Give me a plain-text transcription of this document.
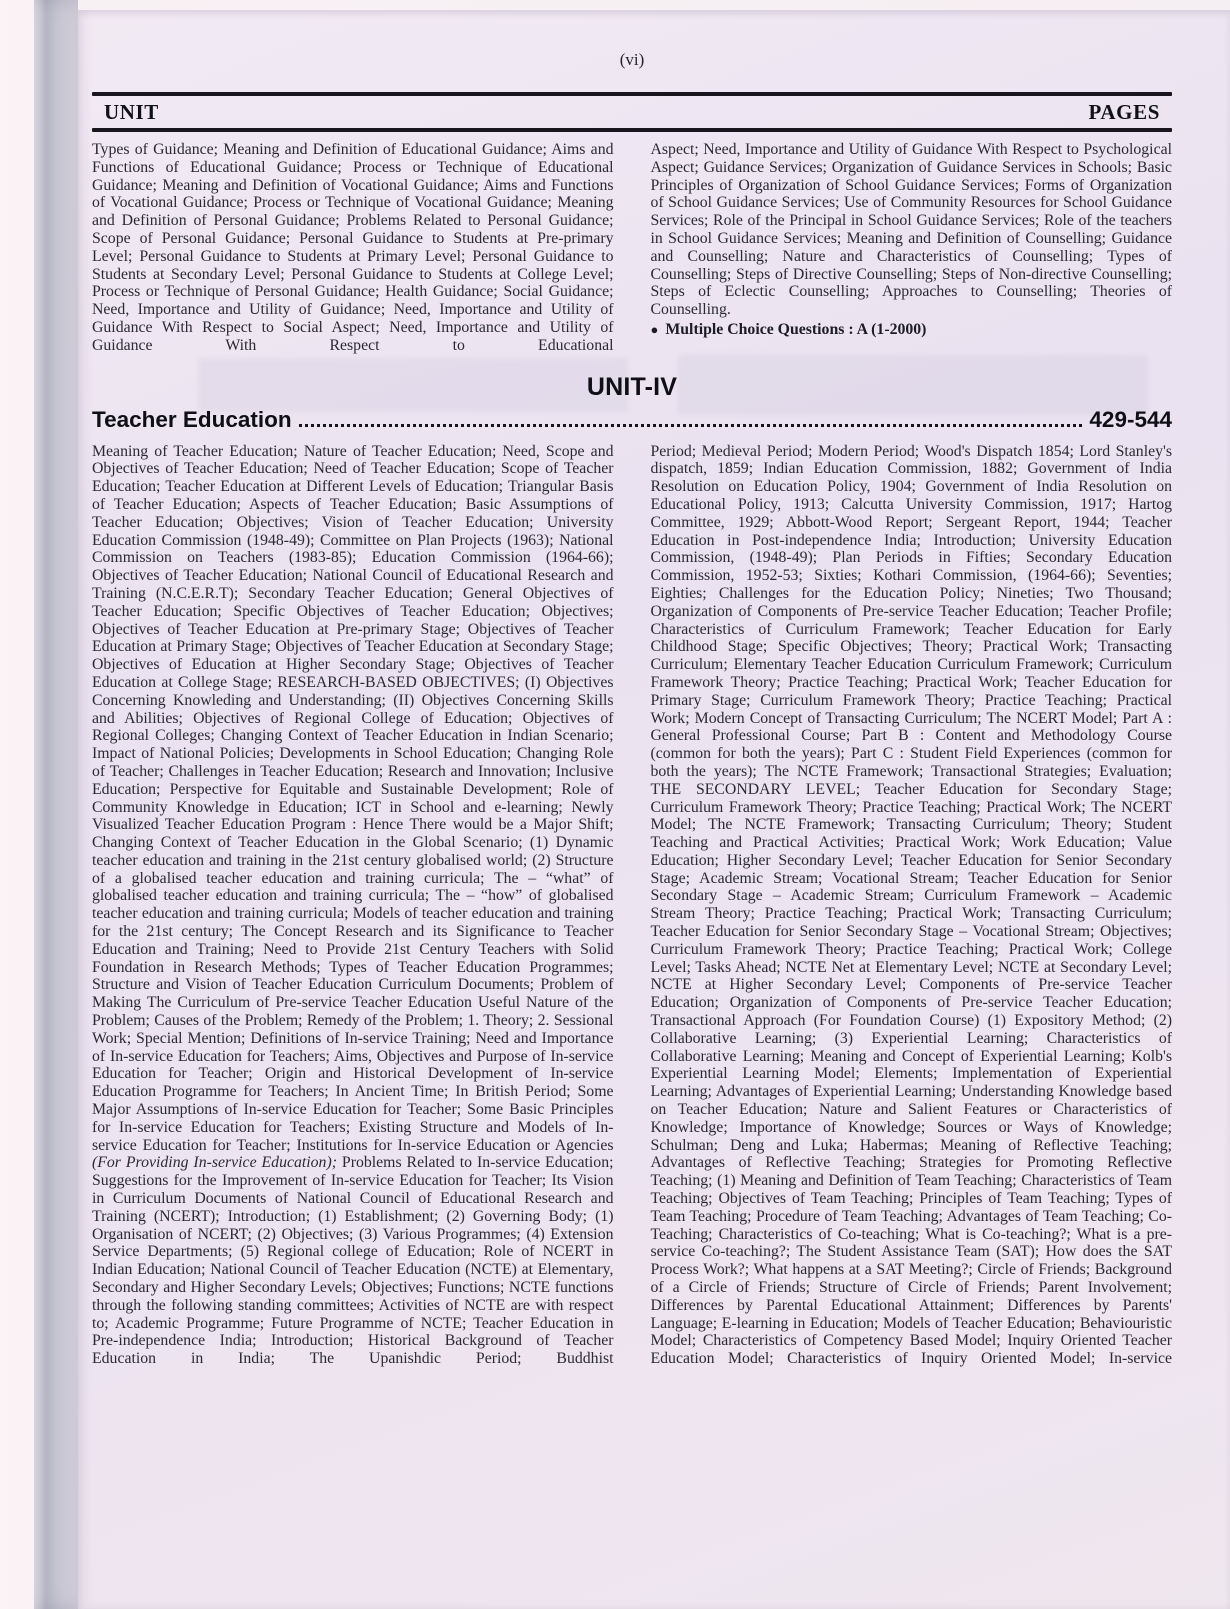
(vi)
UNIT	PAGES

Types of Guidance; Meaning and Definition of Educational Guidance; Aims and Functions of Educational Guidance; Process or Technique of Educational Guidance; Meaning and Definition of Vocational Guidance; Aims and Functions of Vocational Guidance; Process or Technique of Vocational Guidance; Meaning and Definition of Personal Guidance; Problems Related to Personal Guidance; Scope of Personal Guidance; Personal Guidance to Students at Pre-primary Level; Personal Guidance to Students at Primary Level; Personal Guidance to Students at Secondary Level; Personal Guidance to Students at College Level; Process or Technique of Personal Guidance; Health Guidance; Social Guidance; Need, Importance and Utility of Guidance; Need, Importance and Utility of Guidance With Respect to Social Aspect; Need, Importance and Utility of Guidance With Respect to Educational

Aspect; Need, Importance and Utility of Guidance With Respect to Psychological Aspect; Guidance Services; Organization of Guidance Services in Schools; Basic Principles of Organization of School Guidance Services; Forms of Organization of School Guidance Services; Use of Community Resources for School Guidance Services; Role of the Principal in School Guidance Services; Role of the teachers in School Guidance Services; Meaning and Definition of Counselling; Guidance and Counselling; Nature and Characteristics of Counselling; Types of Counselling; Steps of Directive Counselling; Steps of Non-directive Counselling; Steps of Eclectic Counselling; Approaches to Counselling; Theories of Counselling.

● Multiple Choice Questions : A (1-2000)
UNIT-IV
Teacher Education	429-544

Meaning of Teacher Education; Nature of Teacher Education; Need, Scope and Objectives of Teacher Education; Need of Teacher Education; Scope of Teacher Education; Teacher Education at Different Levels of Education; Triangular Basis of Teacher Education; Aspects of Teacher Education; Basic Assumptions of Teacher Education; Objectives; Vision of Teacher Education; University Education Commission (1948-49); Committee on Plan Projects (1963); National Commission on Teachers (1983-85); Education Commission (1964-66); Objectives of Teacher Education; National Council of Educational Research and Training (N.C.E.R.T); Secondary Teacher Education; General Objectives of Teacher Education; Specific Objectives of Teacher Education; Objectives; Objectives of Teacher Education at Pre-primary Stage; Objectives of Teacher Education at Primary Stage; Objectives of Teacher Education at Secondary Stage; Objectives of Education at Higher Secondary Stage; Objectives of Teacher Education at College Stage; RESEARCH-BASED OBJECTIVES; (I) Objectives Concerning Knowleding and Understanding; (II) Objectives Concerning Skills and Abilities; Objectives of Regional College of Education; Objectives of Regional Colleges; Changing Context of Teacher Education in Indian Scenario; Impact of National Policies; Developments in School Education; Changing Role of Teacher; Challenges in Teacher Education; Research and Innovation; Inclusive Education; Perspective for Equitable and Sustainable Development; Role of Community Knowledge in Education; ICT in School and e-learning; Newly Visualized Teacher Education Program : Hence There would be a Major Shift; Changing Context of Teacher Education in the Global Scenario; (1) Dynamic teacher education and training in the 21st century globalised world; (2) Structure of a globalised teacher education and training curricula; The – “what” of globalised teacher education and training curricula; The – “how” of globalised teacher education and training curricula; Models of teacher education and training for the 21st century; The Concept Research and its Significance to Teacher Education and Training; Need to Provide 21st Century Teachers with Solid Foundation in Research Methods; Types of Teacher Education Programmes; Structure and Vision of Teacher Education Curriculum Documents; Problem of Making The Curriculum of Pre-service Teacher Education Useful Nature of the Problem; Causes of the Problem; Remedy of the Problem; 1. Theory; 2. Sessional Work; Special Mention; Definitions of In-service Training; Need and Importance of In-service Education for Teachers; Aims, Objectives and Purpose of In-service Education for Teacher; Origin and Historical Development of In-service Education Programme for Teachers; In Ancient Time; In British Period; Some Major Assumptions of In-service Education for Teacher; Some Basic Principles for In-service Education for Teachers; Existing Structure and Models of In-service Education for Teacher; Institutions for In-service Education or Agencies (For Providing In-service Education); Problems Related to In-service Education; Suggestions for the Improvement of In-service Education for Teacher; Its Vision in Curriculum Documents of National Council of Educational Research and Training (NCERT); Introduction; (1) Establishment; (2) Governing Body; (1) Organisation of NCERT; (2) Objectives; (3) Various Programmes; (4) Extension Service Departments; (5) Regional college of Education; Role of NCERT in Indian Education; National Council of Teacher Education (NCTE) at Elementary, Secondary and Higher Secondary Levels; Objectives; Functions; NCTE functions through the following standing committees; Activities of NCTE are with respect to; Academic Programme; Future Programme of NCTE; Teacher Education in Pre-independence India; Introduction; Historical Background of Teacher Education in India; The Upanishdic Period; Buddhist

Period; Medieval Period; Modern Period; Wood's Dispatch 1854; Lord Stanley's dispatch, 1859; Indian Education Commission, 1882; Government of India Resolution on Education Policy, 1904; Government of India Resolution on Educational Policy, 1913; Calcutta University Commission, 1917; Hartog Committee, 1929; Abbott-Wood Report; Sergeant Report, 1944; Teacher Education in Post-independence India; Introduction; University Education Commission, (1948-49); Plan Periods in Fifties; Secondary Education Commission, 1952-53; Sixties; Kothari Commission, (1964-66); Seventies; Eighties; Challenges for the Education Policy; Nineties; Two Thousand; Organization of Components of Pre-service Teacher Education; Teacher Profile; Characteristics of Curriculum Framework; Teacher Education for Early Childhood Stage; Specific Objectives; Theory; Practical Work; Transacting Curriculum; Elementary Teacher Education Curriculum Framework; Curriculum Framework Theory; Practice Teaching; Practical Work; Teacher Education for Primary Stage; Curriculum Framework Theory; Practice Teaching; Practical Work; Modern Concept of Transacting Curriculum; The NCERT Model; Part A : General Professional Course; Part B : Content and Methodology Course (common for both the years); Part C : Student Field Experiences (common for both the years); The NCTE Framework; Transactional Strategies; Evaluation; THE SECONDARY LEVEL; Teacher Education for Secondary Stage; Curriculum Framework Theory; Practice Teaching; Practical Work; The NCERT Model; The NCTE Framework; Transacting Curriculum; Theory; Student Teaching and Practical Activities; Practical Work; Work Education; Value Education; Higher Secondary Level; Teacher Education for Senior Secondary Stage; Academic Stream; Vocational Stream; Teacher Education for Senior Secondary Stage – Academic Stream; Curriculum Framework – Academic Stream Theory; Practice Teaching; Practical Work; Transacting Curriculum; Teacher Education for Senior Secondary Stage – Vocational Stream; Objectives; Curriculum Framework Theory; Practice Teaching; Practical Work; College Level; Tasks Ahead; NCTE Net at Elementary Level; NCTE at Secondary Level; NCTE at Higher Secondary Level; Components of Pre-service Teacher Education; Organization of Components of Pre-service Teacher Education; Transactional Approach (For Foundation Course) (1) Expository Method; (2) Collaborative Learning; (3) Experiential Learning; Characteristics of Collaborative Learning; Meaning and Concept of Experiential Learning; Kolb's Experiential Learning Model; Elements; Implementation of Experiential Learning; Advantages of Experiential Learning; Understanding Knowledge based on Teacher Education; Nature and Salient Features or Characteristics of Knowledge; Importance of Knowledge; Sources or Ways of Knowledge; Schulman; Deng and Luka; Habermas; Meaning of Reflective Teaching; Advantages of Reflective Teaching; Strategies for Promoting Reflective Teaching; (1) Meaning and Definition of Team Teaching; Characteristics of Team Teaching; Objectives of Team Teaching; Principles of Team Teaching; Types of Team Teaching; Procedure of Team Teaching; Advantages of Team Teaching; Co-Teaching; Characteristics of Co-teaching; What is Co-teaching?; What is a pre-service Co-teaching?; The Student Assistance Team (SAT); How does the SAT Process Work?; What happens at a SAT Meeting?; Circle of Friends; Background of a Circle of Friends; Structure of Circle of Friends; Parent Involvement; Differences by Parental Educational Attainment; Differences by Parents' Language; E-learning in Education; Models of Teacher Education; Behaviouristic Model; Characteristics of Competency Based Model; Inquiry Oriented Teacher Education Model; Characteristics of Inquiry Oriented Model; In-service
